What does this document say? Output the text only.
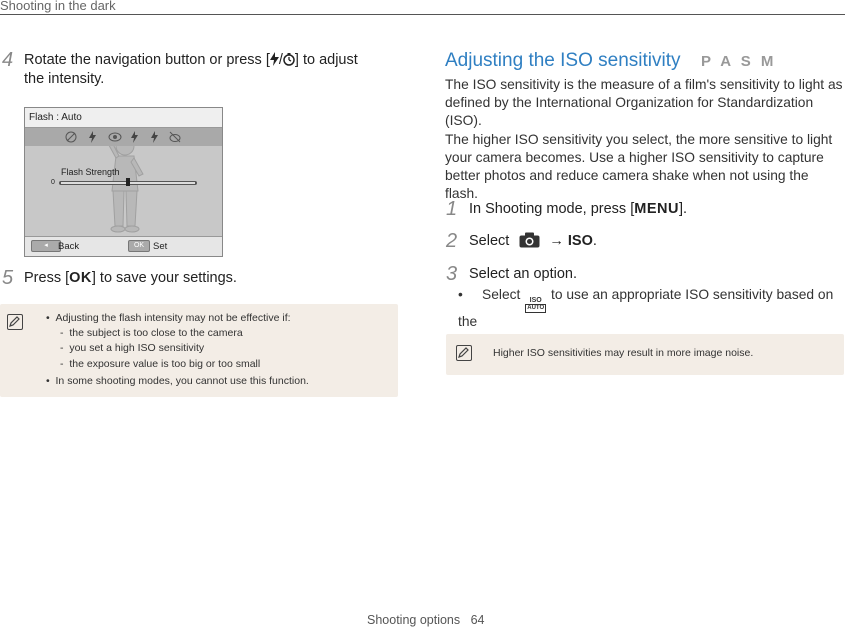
Shooting in the dark
4 Rotate the navigation button or press [ / ] to adjust
the intensity.
Flash : Auto
Flash Strength
0
◂	Back	OK Set
5 Press [OK] to save your settings.
•  Adjusting the flash intensity may not be effective if:
-  the subject is too close to the camera
-  you set a high ISO sensitivity
-  the exposure value is too big or too small
•  In some shooting modes, you cannot use this function.
Adjusting the ISO sensitivity P A S M
The ISO sensitivity is the measure of a film's sensitivity to light as
defined by the International Organization for Standardization (ISO).
The higher ISO sensitivity you select, the more sensitive to light
your camera becomes. Use a higher ISO sensitivity to capture
better photos and reduce camera shake when not using the
flash.
1 In Shooting mode, press [MENU].
2 Select	→ ISO.
3 Select an option.
•     Select ISO
AUTO
to use an appropriate ISO sensitivity based on the
Higher ISO sensitivities may result in more image noise.
Shooting options 64
